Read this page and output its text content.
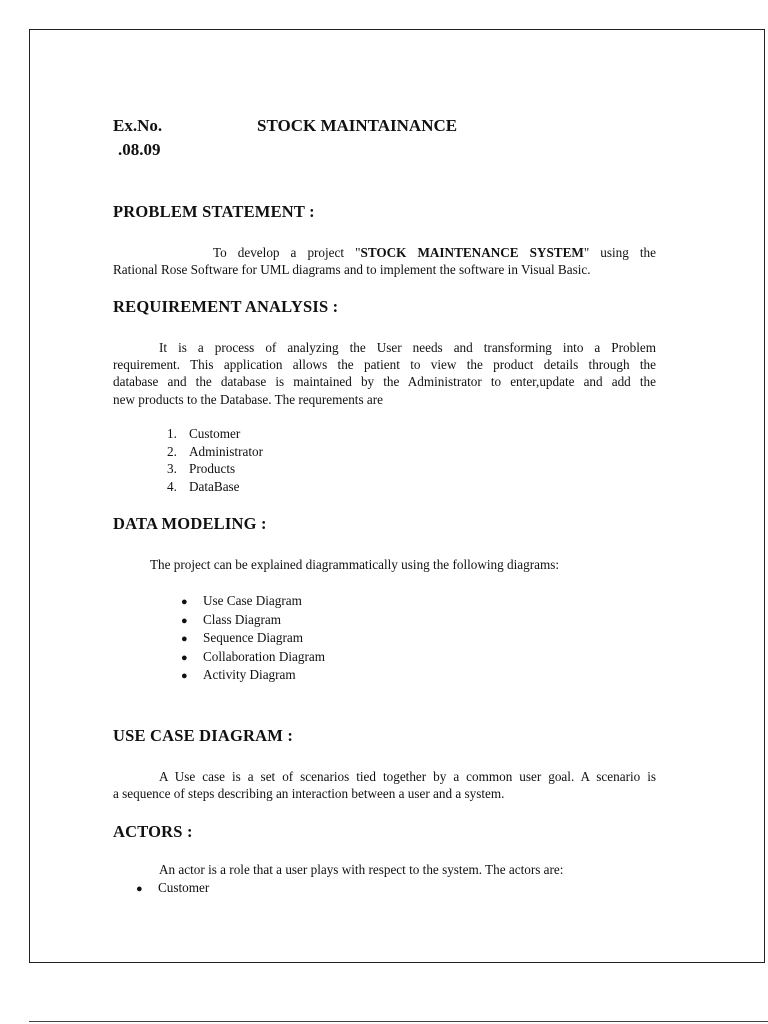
Ex.No.
.08.09
STOCK MAINTAINANCE
PROBLEM STATEMENT :
To develop a project "STOCK MAINTENANCE SYSTEM" using the
Rational Rose Software for UML diagrams and to implement the software in Visual Basic.
REQUIREMENT ANALYSIS :
It is a process of analyzing the User needs and transforming into a Problem
requirement. This application allows the patient to view the product details through the
database and the database is maintained by the Administrator to enter,update and add the
new products to the Database. The requrements are
1. Customer
2. Administrator
3. Products
4. DataBase
DATA MODELING :
The project can be explained diagrammatically using the following diagrams:
● Use Case Diagram
● Class Diagram
● Sequence Diagram
● Collaboration Diagram
● Activity Diagram
USE CASE DIAGRAM :
A Use case is a set of scenarios tied together by a common user goal. A scenario is
a sequence of steps describing an interaction between a user and a system.
ACTORS :
An actor is a role that a user plays with respect to the system. The actors are:
● Customer
